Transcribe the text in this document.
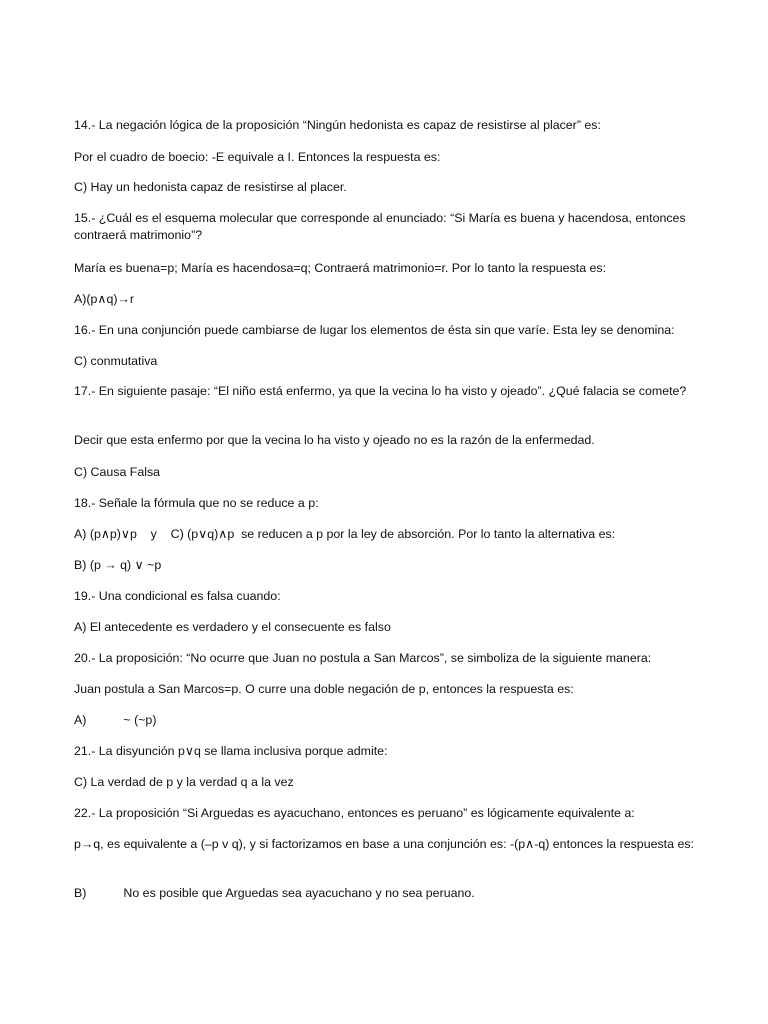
14.- La negación lógica de la proposición “Ningún hedonista es capaz de resistirse al placer” es:
Por el cuadro de boecio: -E equivale a I. Entonces la respuesta es:
C) Hay un hedonista capaz de resistirse al placer.
15.- ¿Cuál es el esquema molecular que corresponde al enunciado: “Si María es buena y hacendosa, entonces contraerá matrimonio”?
María es buena=p; María es hacendosa=q; Contraerá matrimonio=r. Por lo tanto la respuesta es:
A)(p∧q)→r
16.- En una conjunción puede cambiarse de lugar los elementos de ésta sin que varíe. Esta ley se denomina:
C) conmutativa
17.- En siguiente pasaje: “El niño está enfermo, ya que la vecina lo ha visto y ojeado”. ¿Qué falacia se comete?
Decir que esta enfermo por que la vecina lo ha visto y ojeado no es la razón de la enfermedad.
C) Causa Falsa
18.- Señale la fórmula que no se reduce a p:
A) (p∧p)∨p    y    C) (p∨q)∧p  se reducen a p por la ley de absorción. Por lo tanto la alternativa es:
B) (p → q) ∨ ~p
19.- Una condicional es falsa cuando:
A) El antecedente es verdadero y el consecuente es falso
20.- La proposición: “No ocurre que Juan no postula a San Marcos”, se simboliza de la siguiente manera:
Juan postula a San Marcos=p. O curre una doble negación de p, entonces la respuesta es:
A)	~ (~p)
21.- La disyunción p∨q se llama inclusiva porque admite:
C) La verdad de p y la verdad q a la vez
22.- La proposición “Si Arguedas es ayacuchano, entonces es peruano” es lógicamente equivalente a:
p→q, es equivalente a (–p v q), y si factorizamos en base a una conjunción es: -(p∧-q) entonces la respuesta es:
B)	No es posible que Arguedas sea ayacuchano y no sea peruano.
